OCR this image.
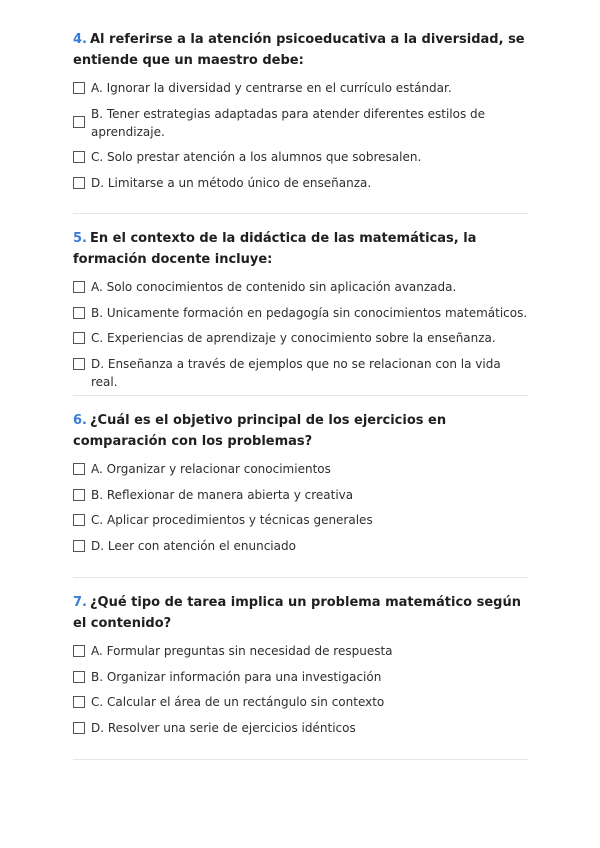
4. Al referirse a la atención psicoeducativa a la diversidad, se entiende que un maestro debe:

A. Ignorar la diversidad y centrarse en el currículo estándar.
B. Tener estrategias adaptadas para atender diferentes estilos de aprendizaje.
C. Solo prestar atención a los alumnos que sobresalen.
D. Limitarse a un método único de enseñanza.

5. En el contexto de la didáctica de las matemáticas, la formación docente incluye:

A. Solo conocimientos de contenido sin aplicación avanzada.
B. Unicamente formación en pedagogía sin conocimientos matemáticos.
C. Experiencias de aprendizaje y conocimiento sobre la enseñanza.
D. Enseñanza a través de ejemplos que no se relacionan con la vida real.

6. ¿Cuál es el objetivo principal de los ejercicios en comparación con los problemas?

A. Organizar y relacionar conocimientos
B. Reflexionar de manera abierta y creativa
C. Aplicar procedimientos y técnicas generales
D. Leer con atención el enunciado

7. ¿Qué tipo de tarea implica un problema matemático según el contenido?

A. Formular preguntas sin necesidad de respuesta
B. Organizar información para una investigación
C. Calcular el área de un rectángulo sin contexto
D. Resolver una serie de ejercicios idénticos
